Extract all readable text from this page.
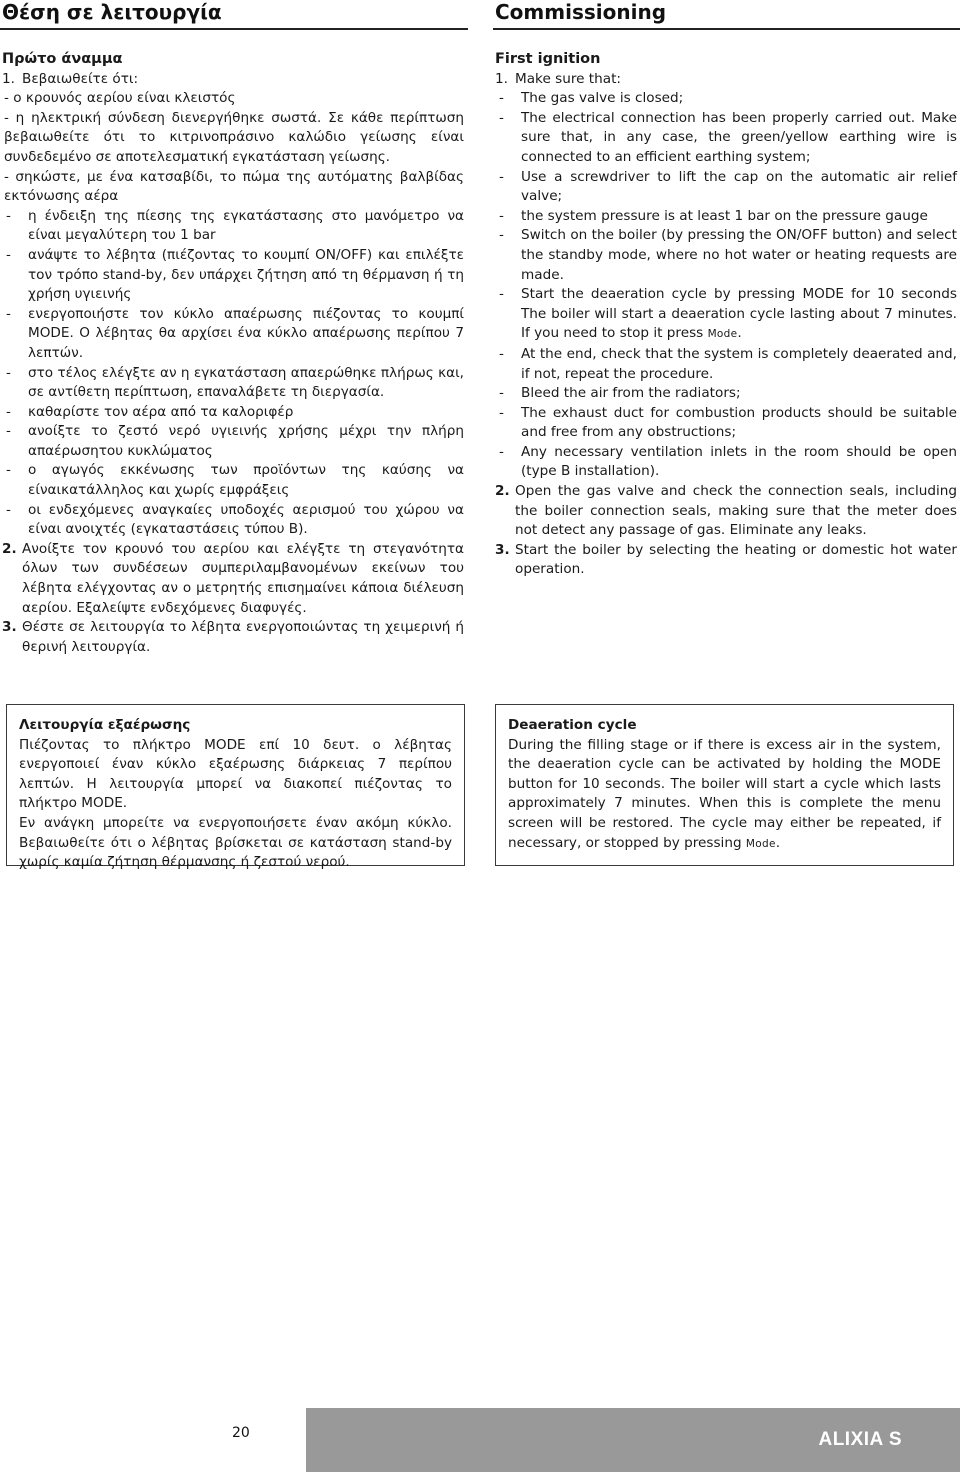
Θέση σε λειτουργία	Commissioning

Πρώτο άναμμα

1. Βεβαιωθείτε ότι:

- ο κρουνός αερίου είναι κλειστός

- η ηλεκτρική σύνδεση διενεργήθηκε σωστά. Σε κάθε περίπτωση βεβαιωθείτε ότι το κιτρινοπράσινο καλώδιο γείωσης είναι συνδεδεμένο σε αποτελεσματική εγκατάσταση γείωσης.

- σηκώστε, με ένα κατσαβίδι, το πώμα της αυτόματης βαλβίδας εκτόνωσης αέρα

-	η ένδειξη της πίεσης της εγκατάστασης στο μανόμετρο να είναι μεγαλύτερη του 1 bar
-	ανάψτε το λέβητα (πιέζοντας το κουμπί ON/OFF) και επιλέξτε τον τρόπο stand-by, δεν υπάρχει ζήτηση από τη θέρμανση ή τη χρήση υγιεινής
-	ενεργοποιήστε τον κύκλο απαέρωσης πιέζοντας το κουμπί MODE. Ο λέβητας θα αρχίσει ένα κύκλο απαέρωσης περίπου 7 λεπτών.
-	στο τέλος ελέγξτε αν η εγκατάσταση απαερώθηκε πλήρως και, σε αντίθετη περίπτωση, επαναλάβετε τη διεργασία.
-	καθαρίστε τον αέρα από τα καλοριφέρ
-	ανοίξτε το ζεστό νερό υγιεινής χρήσης μέχρι την πλήρη απαέρωσητου κυκλώματος
-	ο αγωγός εκκένωσης των προϊόντων της καύσης να είναικατάλληλος και χωρίς εμφράξεις
-	οι ενδεχόμενες αναγκαίες υποδοχές αερισμού του χώρου να είναι ανοιχτές (εγκαταστάσεις τύπου Β).
2. Ανοίξτε τον κρουνό του αερίου και ελέγξτε τη στεγανότητα όλων των συνδέσεων συμπεριλαμβανομένων εκείνων του λέβητα ελέγχοντας αν ο μετρητής επισημαίνει κάποια διέλευση αερίου. Εξαλείψτε ενδεχόμενες διαφυγές.
3. Θέστε σε λειτουργία το λέβητα ενεργοποιώντας τη χειμερινή ή θερινή λειτουργία.

First ignition

1. Make sure that:
-	The gas valve is closed;
-	The electrical connection has been properly carried out. Make sure that, in any case, the green/yellow earthing wire is connected to an efficient earthing system;
-	Use a screwdriver to lift the cap on the automatic air relief valve;
-	the system pressure is at least 1 bar on the pressure gauge
-	Switch on the boiler (by pressing the ON/OFF button) and select the standby mode, where no hot water or heating requests are made.
-	Start the deaeration cycle by pressing MODE for 10 seconds The boiler will start a deaeration cycle lasting about 7 minutes. If you need to stop it press Mode.
-	At the end, check that the system is completely deaerated and, if not, repeat the procedure.
-	Bleed the air from the radiators;
-	The exhaust duct for combustion products should be suitable and free from any obstructions;
-	Any necessary ventilation inlets in the room should be open (type B installation).
2. Open the gas valve and check the connection seals, including the boiler connection seals, making sure that the meter does not detect any passage of gas. Eliminate any leaks.
3. Start the boiler by selecting the heating or domestic hot water operation.

Λειτουργία εξαέρωσης

Πιέζοντας το πλήκτρο MODE επί 10 δευτ. ο λέβητας ενεργοποιεί έναν κύκλο εξαέρωσης διάρκειας 7 περίπου λεπτών. Η λειτουργία μπορεί να διακοπεί πιέζοντας το πλήκτρο MODE.

Εν ανάγκη μπορείτε να ενεργοποιήσετε έναν ακόμη κύκλο. Βεβαιωθείτε ότι ο λέβητας βρίσκεται σε κατάσταση stand-by χωρίς καμία ζήτηση θέρμανσης ή ζεστού νερού.

Deaeration cycle

During the filling stage or if there is excess air in the system, the deaeration cycle can be activated by holding the MODE button for 10 seconds. The boiler will start a cycle which lasts approximately 7 minutes. When this is complete the menu screen will be restored. The cycle may either be repeated, if necessary, or stopped by pressing Mode.

20	ALIXIA S
